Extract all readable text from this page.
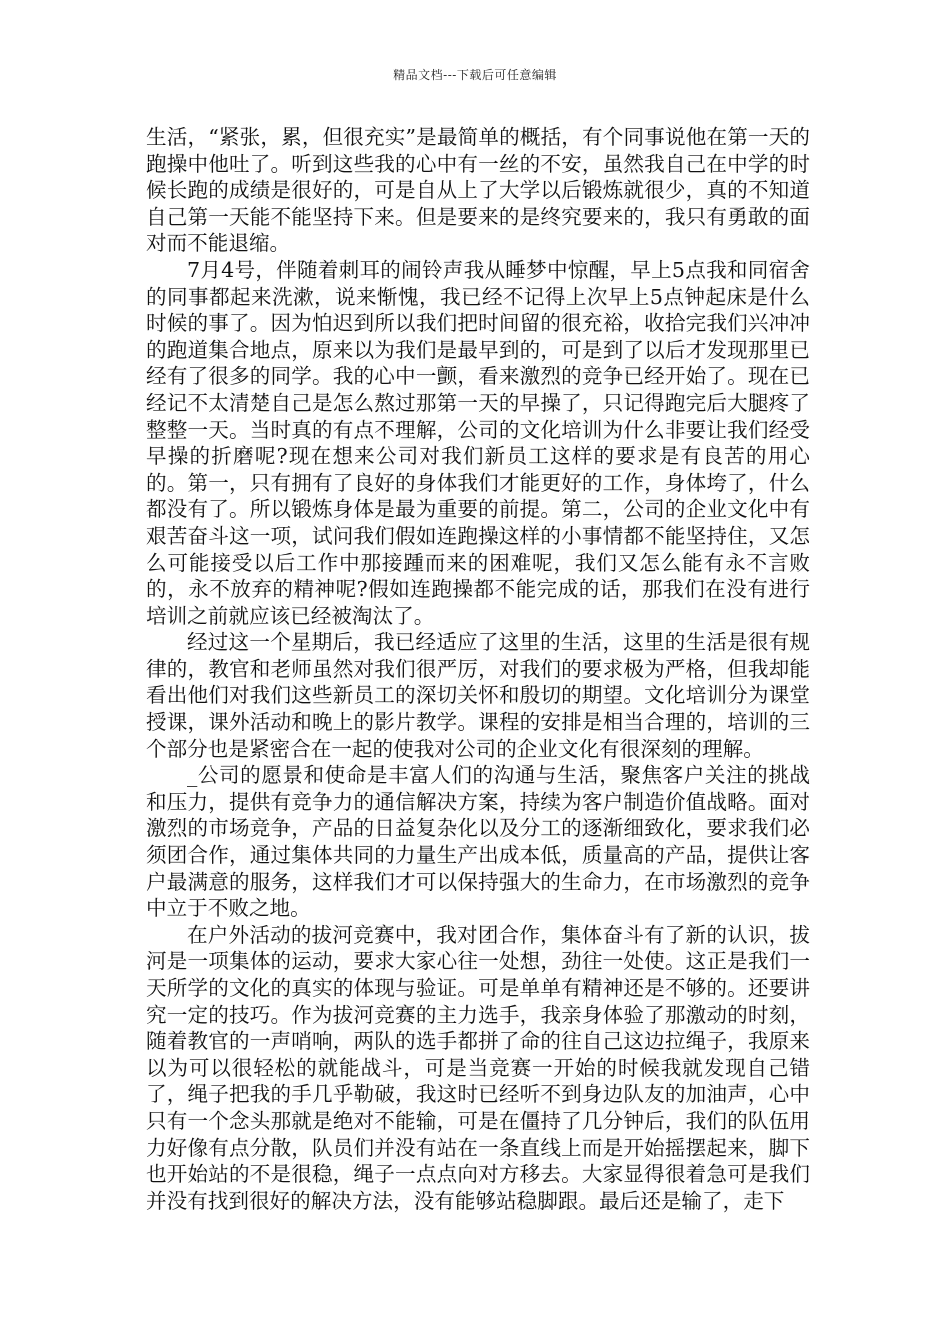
精品文档---下载后可任意编辑

生活，“紧张，累，但很充实”是最简单的概括，有个同事说他在第一天的跑操中他吐了。听到这些我的心中有一丝的不安，虽然我自己在中学的时候长跑的成绩是很好的，可是自从上了大学以后锻炼就很少，真的不知道自己第一天能不能坚持下来。但是要来的是终究要来的，我只有勇敢的面对而不能退缩。

7月4号，伴随着刺耳的闹铃声我从睡梦中惊醒，早上5点我和同宿舍的同事都起来洗漱，说来惭愧，我已经不记得上次早上5点钟起床是什么时候的事了。因为怕迟到所以我们把时间留的很充裕，收拾完我们兴冲冲的跑道集合地点，原来以为我们是最早到的，可是到了以后才发现那里已经有了很多的同学。我的心中一颤，看来激烈的竞争已经开始了。现在已经记不太清楚自己是怎么熬过那第一天的早操了，只记得跑完后大腿疼了整整一天。当时真的有点不理解，公司的文化培训为什么非要让我们经受早操的折磨呢?现在想来公司对我们新员工这样的要求是有良苦的用心的。第一，只有拥有了良好的身体我们才能更好的工作，身体垮了，什么都没有了。所以锻炼身体是最为重要的前提。第二，公司的企业文化中有艰苦奋斗这一项，试问我们假如连跑操这样的小事情都不能坚持住，又怎么可能接受以后工作中那接踵而来的困难呢，我们又怎么能有永不言败的，永不放弃的精神呢?假如连跑操都不能完成的话，那我们在没有进行培训之前就应该已经被淘汰了。

经过这一个星期后，我已经适应了这里的生活，这里的生活是很有规律的，教官和老师虽然对我们很严厉，对我们的要求极为严格，但我却能看出他们对我们这些新员工的深切关怀和殷切的期望。文化培训分为课堂授课，课外活动和晚上的影片教学。课程的安排是相当合理的，培训的三个部分也是紧密合在一起的使我对公司的企业文化有很深刻的理解。

_公司的愿景和使命是丰富人们的沟通与生活，聚焦客户关注的挑战和压力，提供有竞争力的通信解决方案，持续为客户制造价值战略。面对激烈的市场竞争，产品的日益复杂化以及分工的逐渐细致化，要求我们必须团合作，通过集体共同的力量生产出成本低，质量高的产品，提供让客户最满意的服务，这样我们才可以保持强大的生命力，在市场激烈的竞争中立于不败之地。

在户外活动的拔河竞赛中，我对团合作，集体奋斗有了新的认识，拔河是一项集体的运动，要求大家心往一处想，劲往一处使。这正是我们一天所学的文化的真实的体现与验证。可是单单有精神还是不够的。还要讲究一定的技巧。作为拔河竞赛的主力选手，我亲身体验了那激动的时刻，随着教官的一声哨响，两队的选手都拼了命的往自己这边拉绳子，我原来以为可以很轻松的就能战斗，可是当竞赛一开始的时候我就发现自己错了，绳子把我的手几乎勒破，我这时已经听不到身边队友的加油声，心中只有一个念头那就是绝对不能输，可是在僵持了几分钟后，我们的队伍用力好像有点分散，队员们并没有站在一条直线上而是开始摇摆起来，脚下也开始站的不是很稳，绳子一点点向对方移去。大家显得很着急可是我们并没有找到很好的解决方法，没有能够站稳脚跟。最后还是输了，走下
